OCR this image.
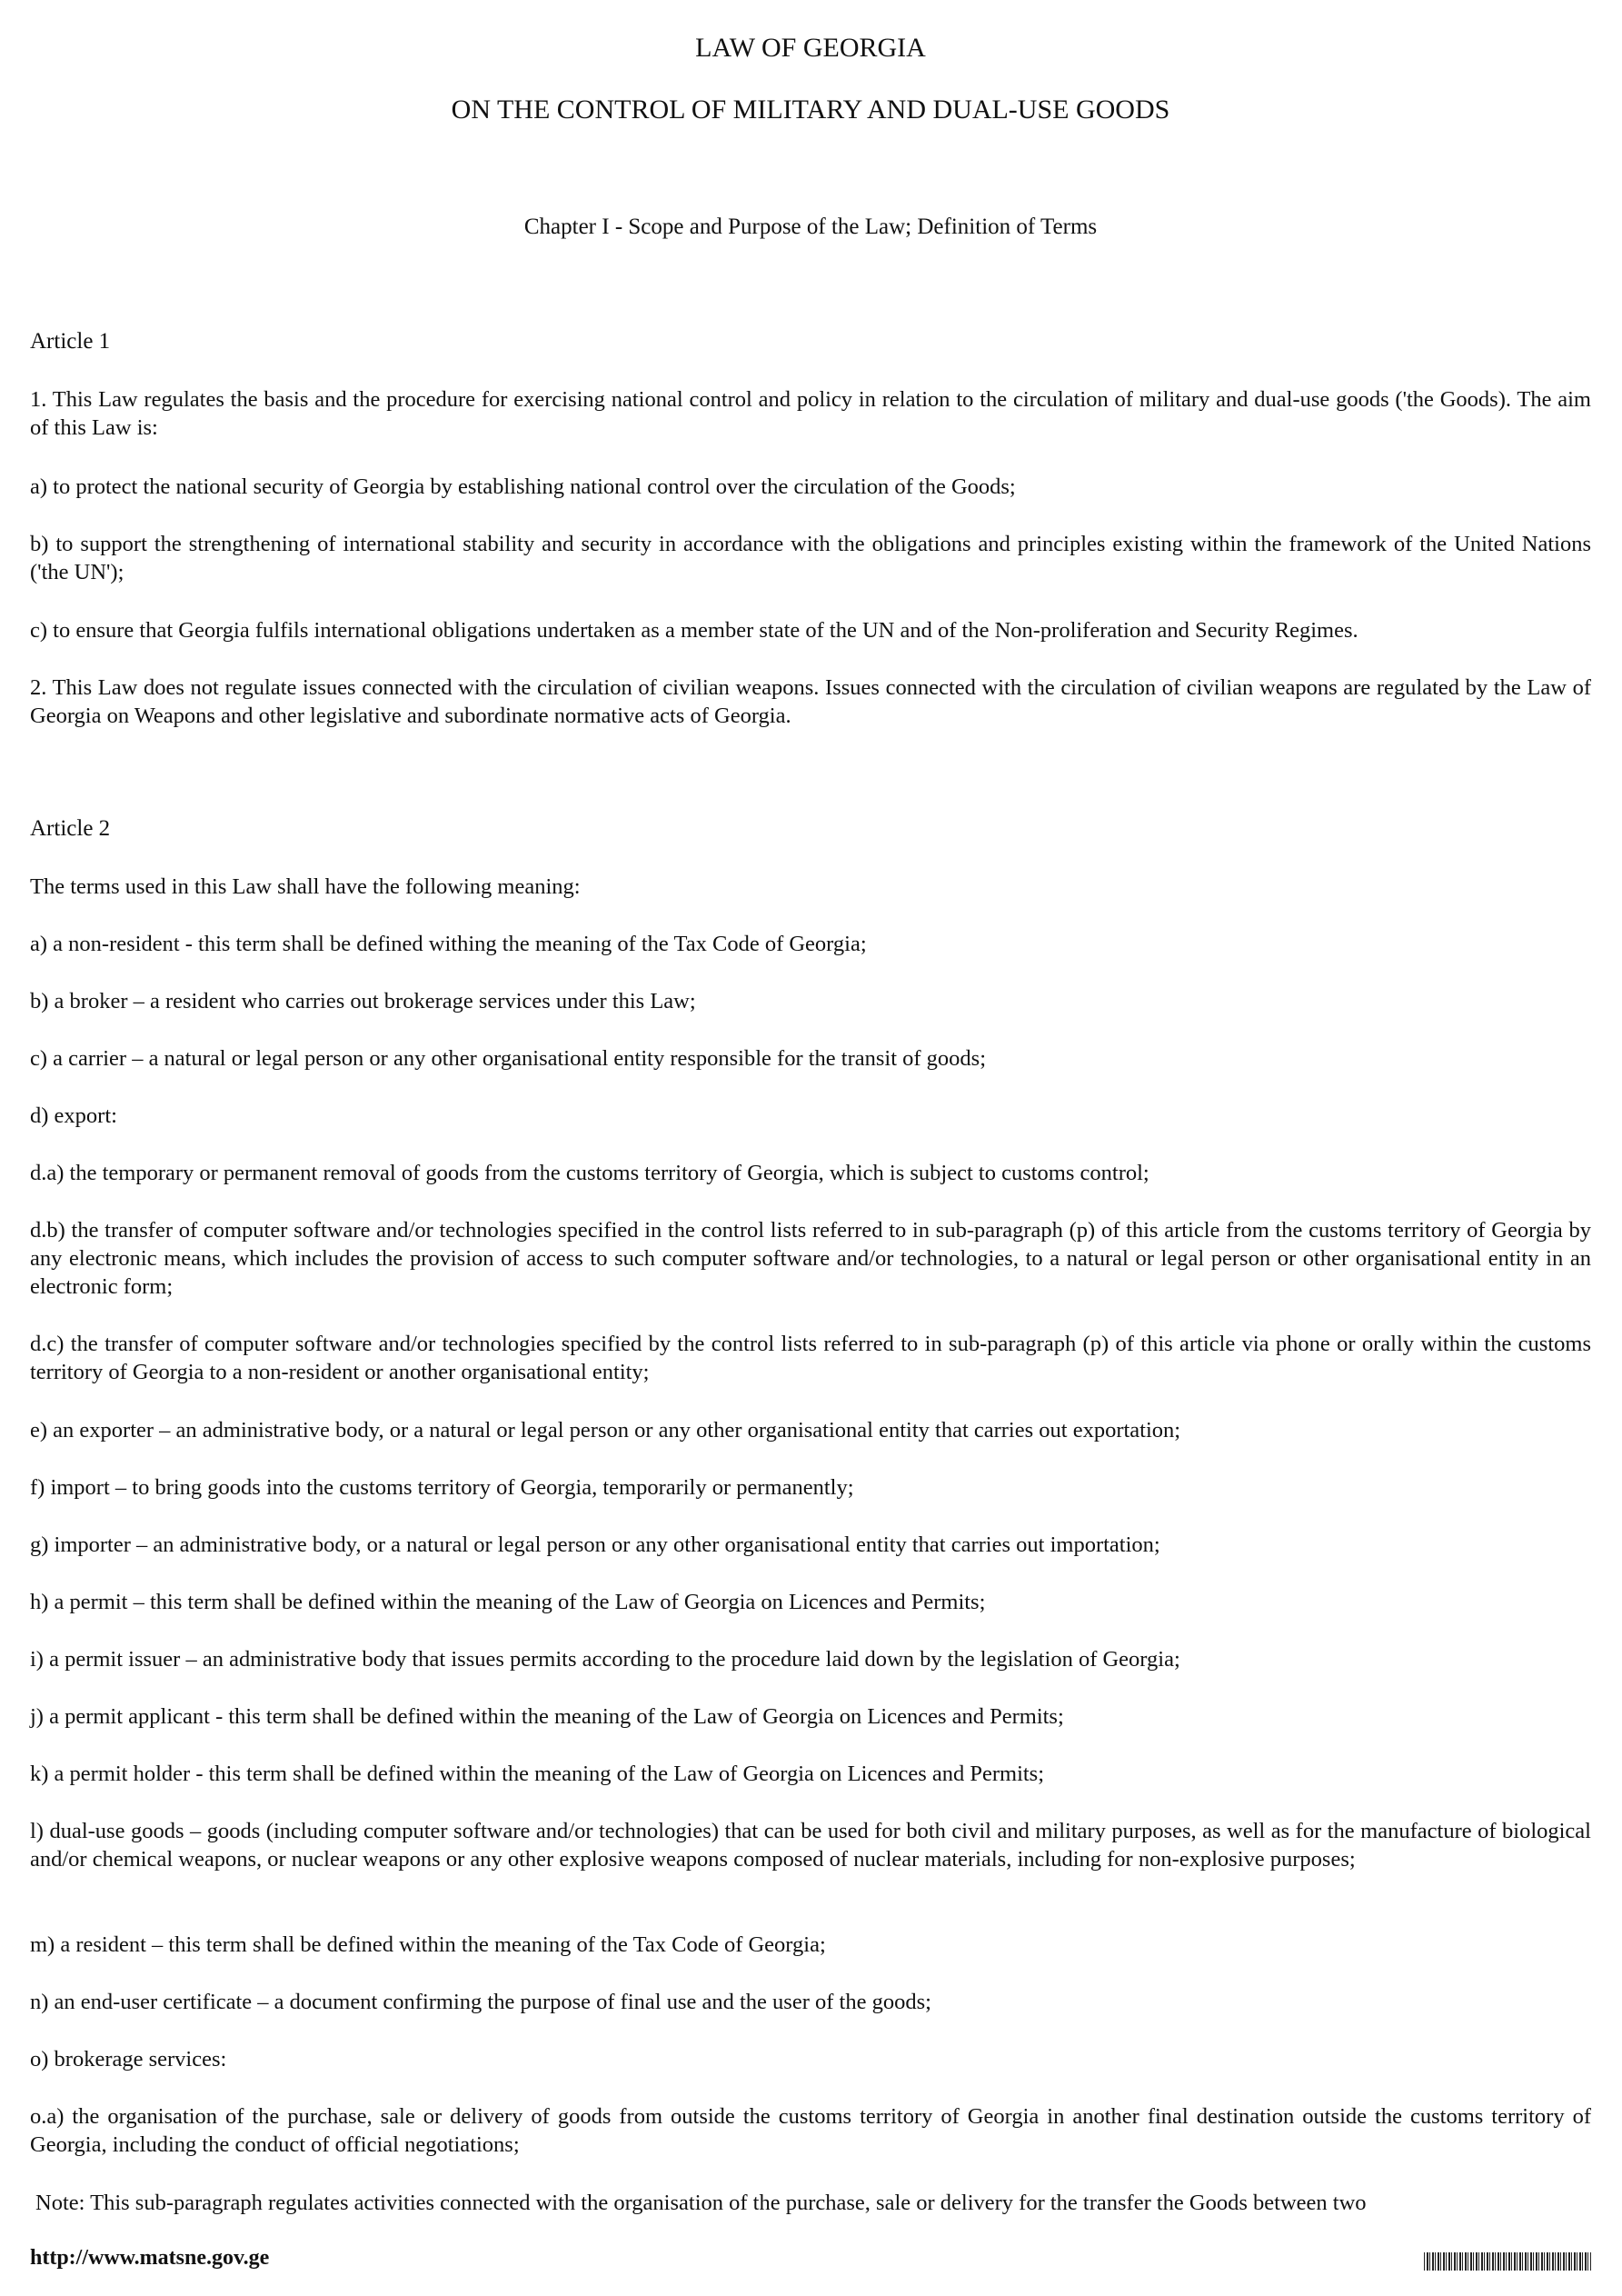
LAW OF GEORGIA
ON THE CONTROL OF MILITARY AND DUAL-USE GOODS
Chapter I - Scope and Purpose of the Law; Definition of Terms
Article 1

1. This Law regulates the basis and the procedure for exercising national control and policy in relation to the circulation of military and dual-use goods ('the Goods). The aim of this Law is:

a) to protect the national security of Georgia by establishing national control over the circulation of the Goods;

b) to support the strengthening of international stability and security in accordance with the obligations and principles existing within the framework of the United Nations ('the UN');

c) to ensure that Georgia fulfils international obligations undertaken as a member state of the UN and of the Non-proliferation and Security Regimes.

2. This Law does not regulate issues connected with the circulation of civilian weapons. Issues connected with the circulation of civilian weapons are regulated by the Law of Georgia on Weapons and other legislative and subordinate normative acts of Georgia.

Article 2

The terms used in this Law shall have the following meaning:

a) a non-resident - this term shall be defined withing the meaning of the Tax Code of Georgia;

b) a broker – a resident who carries out brokerage services under this Law;

c) a carrier – a natural or legal person or any other organisational entity responsible for the transit of goods;

d) export:

d.a) the temporary or permanent removal of goods from the customs territory of Georgia, which is subject to customs control;

d.b) the transfer of computer software and/or technologies specified in the control lists referred to in sub-paragraph (p) of this article from the customs territory of Georgia by any electronic means, which includes the provision of access to such computer software and/or technologies, to a natural or legal person or other organisational entity in an electronic form;

d.c) the transfer of computer software and/or technologies specified by the control lists referred to in sub-paragraph (p) of this article via phone or orally within the customs territory of Georgia to a non-resident or another organisational entity;

e) an exporter – an administrative body, or a natural or legal person or any other organisational entity that carries out exportation;

f) import – to bring goods into the customs territory of Georgia, temporarily or permanently;

g) importer – an administrative body, or a natural or legal person or any other organisational entity that carries out importation;

h) a permit – this term shall be defined within the meaning of the Law of Georgia on Licences and Permits;

i) a permit issuer – an administrative body that issues permits according to the procedure laid down by the legislation of Georgia;

j) a permit applicant - this term shall be defined within the meaning of the Law of Georgia on Licences and Permits;

k) a permit holder - this term shall be defined within the meaning of the Law of Georgia on Licences and Permits;

l) dual-use goods – goods (including computer software and/or technologies) that can be used for both civil and military purposes, as well as for the manufacture of biological and/or chemical weapons, or nuclear weapons or any other explosive weapons composed of nuclear materials, including for non-explosive purposes;

m) a resident – this term shall be defined within the meaning of the Tax Code of Georgia;

n) an end-user certificate – a document confirming the purpose of final use and the user of the goods;

o) brokerage services:

o.a) the organisation of the purchase, sale or delivery of goods from outside the customs territory of Georgia in another final destination outside the customs territory of Georgia, including the conduct of official negotiations;

Note: This sub-paragraph regulates activities connected with the organisation of the purchase, sale or delivery for the transfer the Goods between two

http://www.matsne.gov.ge
